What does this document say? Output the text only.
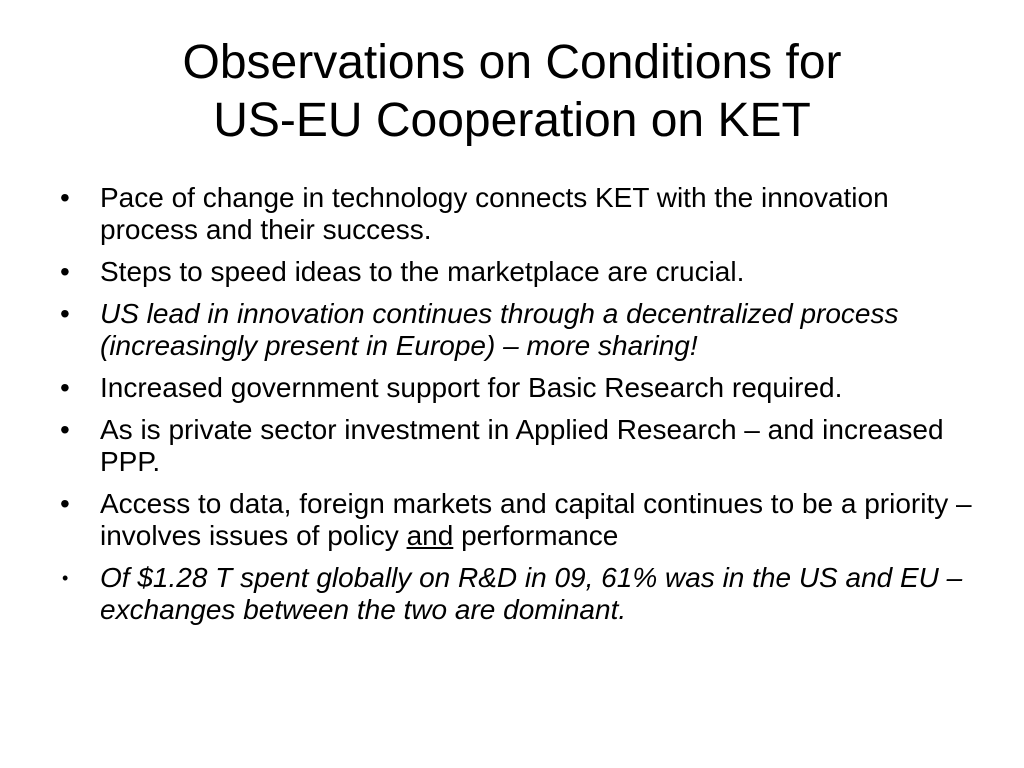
Observations on Conditions for
US-EU Cooperation on KET
• Pace of change in technology connects KET with the innovation process and their success.
• Steps to speed ideas to the marketplace are crucial.
• US lead in innovation continues through a decentralized process (increasingly present in Europe) – more sharing!
• Increased government support for Basic Research required.
• As is private sector investment in Applied Research – and increased PPP.
• Access to data, foreign markets and capital continues to be a priority – involves issues of policy and performance
• Of $1.28 T spent globally on R&D in 09, 61% was in the US and EU – exchanges between the two are dominant.
